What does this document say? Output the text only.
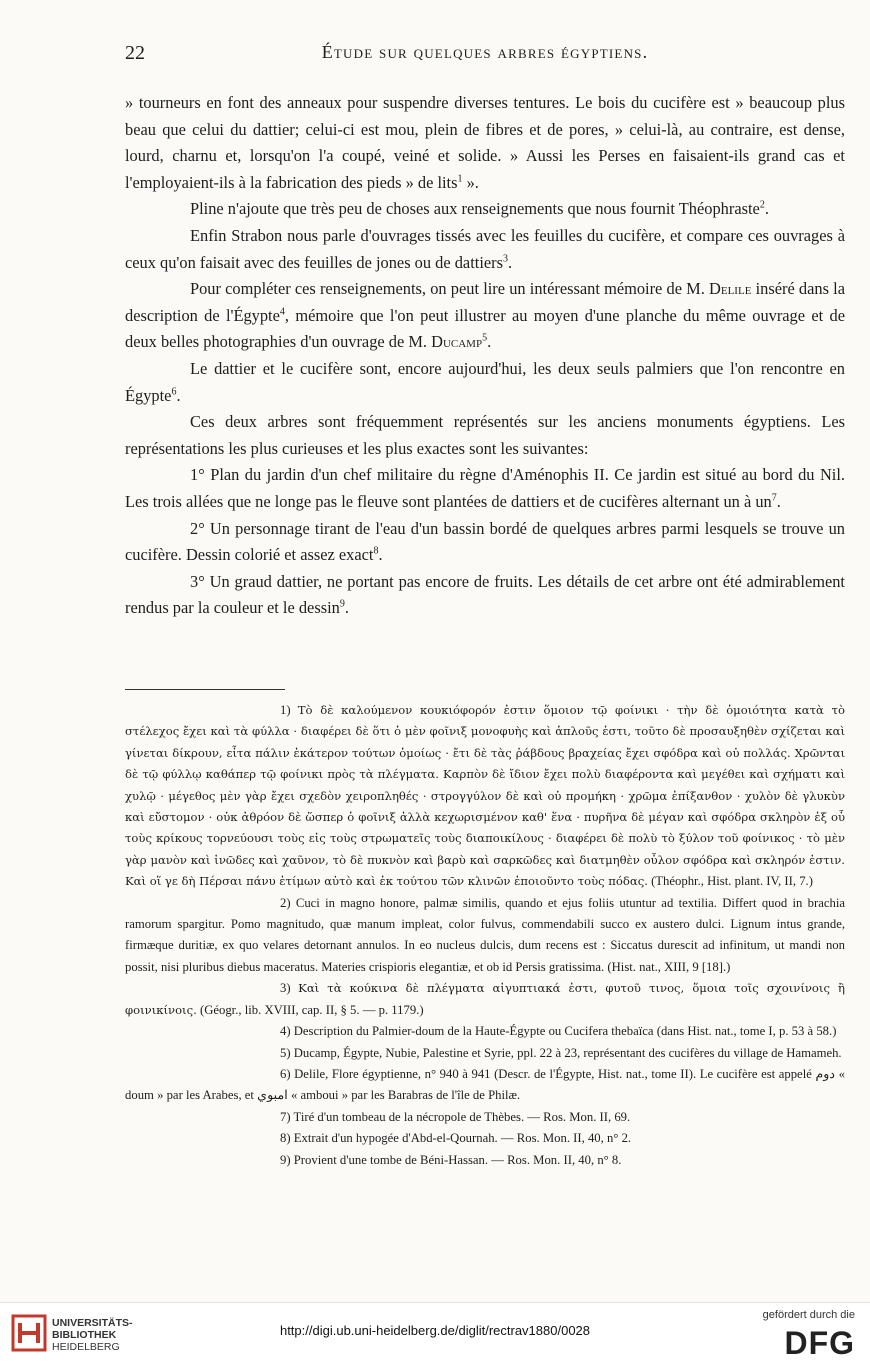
22	Étude sur quelques arbres égyptiens.

» tourneurs en font des anneaux pour suspendre diverses tentures. Le bois du cucifère est » beaucoup plus beau que celui du dattier; celui-ci est mou, plein de fibres et de pores, » celui-là, au contraire, est dense, lourd, charnu et, lorsqu'on l'a coupé, veiné et solide. » Aussi les Perses en faisaient-ils grand cas et l'employaient-ils à la fabrication des pieds » de lits$^1$ ».

Pline n'ajoute que très peu de choses aux renseignements que nous fournit Théophraste$^2$.

Enfin Strabon nous parle d'ouvrages tissés avec les feuilles du cucifère, et compare ces ouvrages à ceux qu'on faisait avec des feuilles de jones ou de dattiers$^3$.

Pour compléter ces renseignements, on peut lire un intéressant mémoire de M. Delile inséré dans la description de l'Égypte$^4$, mémoire que l'on peut illustrer au moyen d'une planche du même ouvrage et de deux belles photographies d'un ouvrage de M. Ducamp$^5$.

Le dattier et le cucifère sont, encore aujourd'hui, les deux seuls palmiers que l'on rencontre en Égypte$^6$.

Ces deux arbres sont fréquemment représentés sur les anciens monuments égyptiens. Les représentations les plus curieuses et les plus exactes sont les suivantes:

1° Plan du jardin d'un chef militaire du règne d'Aménophis II. Ce jardin est situé au bord du Nil. Les trois allées que ne longe pas le fleuve sont plantées de dattiers et de cucifères alternant un à $un^7$.

2° Un personnage tirant de l'eau d'un bassin bordé de quelques arbres parmi lesquels se trouve un cucifère. Dessin colorié et assez exact$^8$.

3° Un graud dattier, ne portant pas encore de fruits. Les détails de cet arbre ont été admirablement rendus par la couleur et le dessin$^9$.

1) Τὸ δὲ καλούμενον κουκιόφορόν ἐστιν ὅμοιον τῷ φοίνικι · τὴν δὲ ὁμοιότητα κατὰ τὸ στέλεχος ἔχει καὶ τὰ φύλλα · διαφέρει δὲ ὅτι ὁ μὲν φοῖνιξ μονοφυὴς καὶ ἁπλοῦς ἐστι, τοῦτο δὲ προσαυξηθὲν σχίζεται καὶ γίνεται δίκρουν, εἶτα πάλιν ἑκάτερον τούτων ὁμοίως · ἔτι δὲ τὰς ῥάβδους βραχείας ἔχει σφόδρα καὶ οὐ πολλάς. Χρῶνται δὲ τῷ φύλλῳ καθάπερ τῷ φοίνικι πρὸς τὰ πλέγματα. Καρπὸν δὲ ἴδιον ἔχει πολὺ διαφέροντα καὶ μεγέθει καὶ σχήματι καὶ χυλῷ · μέγεθος μὲν γὰρ ἔχει σχεδὸν χειροπληθές · στρογγύλον δὲ καὶ οὐ προμήκη · χρῶμα ἐπίξανθον · χυλὸν δὲ γλυκὺν καὶ εὔστομον · οὐκ ἀθρόον δὲ ὥσπερ ὁ φοῖνιξ ἀλλὰ κεχωρισμένον καθ' ἕνα · πυρῆνα δὲ μέγαν καὶ σφόδρα σκληρὸν ἐξ οὗ τοὺς κρίκους τορνεύουσι τοὺς εἰς τοὺς στρωματεῖς τοὺς διαποικίλους · διαφέρει δὲ πολὺ τὸ ξύλον τοῦ φοίνικος · τὸ μὲν γὰρ μανὸν καὶ ἰνῶδες καὶ χαῦνον, τὸ δὲ πυκνὸν καὶ βαρὺ καὶ σαρκῶδες καὶ διατμηθὲν οὖλον σφόδρα καὶ σκληρόν ἐστιν. Καὶ οἵ γε δὴ Πέρσαι πάνυ ἐτίμων αὐτὸ καὶ ἐκ τούτου τῶν κλινῶν ἐποιοῦντο τοὺς πόδας. (Théophr., Hist. plant. IV, II, 7.)

2) Cuci in magno honore, palmæ similis, quando et ejus foliis utuntur ad textilia. Differt quod in brachia ramorum spargitur. Pomo magnitudo, quæ manum impleat, color fulvus, commendabili succo ex austero dulci. Lignum intus grande, firmæque duritiæ, ex quo velares detornant annulos. In eo nucleus dulcis, dum recens est : Siccatus durescit ad infinitum, ut mandi non possit, nisi pluribus diebus maceratus. Materies crispioris elegantiæ, et ob id Persis gratissima. (Hist. nat., XIII, 9 [18].)

3) Καὶ τὰ κούκινα δὲ πλέγματα αἰγυπτιακά ἐστι, φυτοῦ τινος, ὅμοια τοῖς σχοινίνοις ἢ φοινικίνοις. (Géogr., lib. XVIII, cap. II, § 5. — p. 1179.)

4) Description du Palmier-doum de la Haute-Égypte ou Cucifera thebaïca (dans Hist. nat., tome I, p. 53 à 58.)

5) Ducamp, Égypte, Nubie, Palestine et Syrie, ppl. 22 à 23, représentant des cucifères du village de Hamameh.

6) Delile, Flore égyptienne, n° 940 à 941 (Descr. de l'Égypte, Hist. nat., tome II). Le cucifère est appelé دوم « doum » par les Arabes, et امبوي « amboui » par les Barabras de l'île de Philæ.

7) Tiré d'un tombeau de la nécropole de Thèbes. — Ros. Mon. II, 69.

8) Extrait d'un hypogée d'Abd-el-Qournah. — Ros. Mon. II, 40, n° 2.

9) Provient d'une tombe de Béni-Hassan. — Ros. Mon. II, 40, n° 8.

UNIVERSITÄTS-
BIBLIOTHEK
HEIDELBERG
http://digi.ub.uni-heidelberg.de/diglit/rectrav1880/0028
gefördert durch die
DFG
